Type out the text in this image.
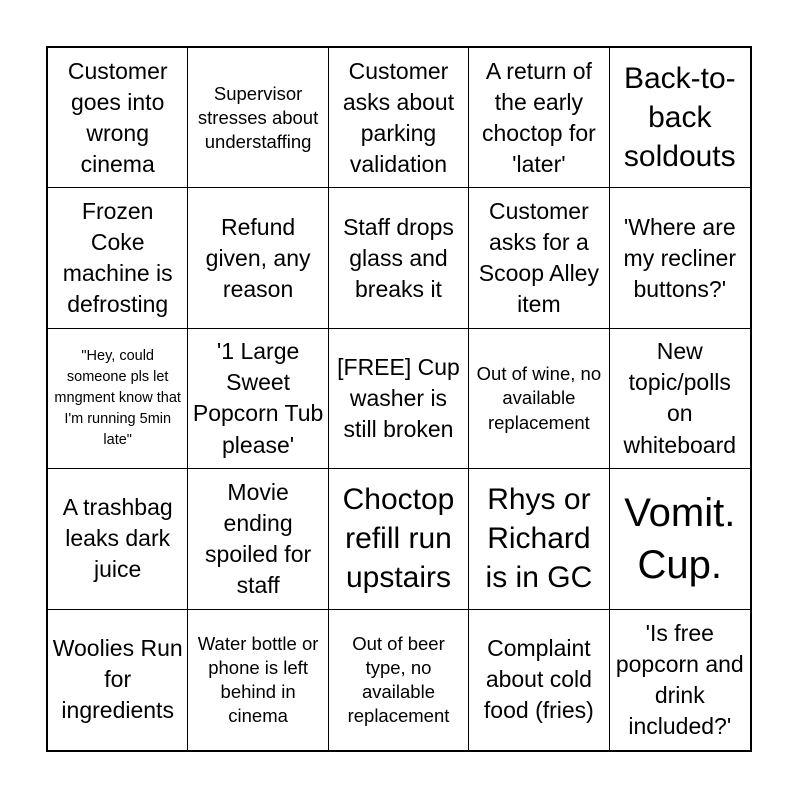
Customer goes into wrong cinema
Supervisor stresses about understaffing
Customer asks about parking validation
A return of the early choctop for 'later'
Back-to-back soldouts
Frozen Coke machine is defrosting
Refund given, any reason
Staff drops glass and breaks it
Customer asks for a Scoop Alley item
'Where are my recliner buttons?'
"Hey, could someone pls let mngment know that I'm running 5min late"
'1 Large Sweet Popcorn Tub please'
[FREE] Cup washer is still broken
Out of wine, no available replacement
New topic/polls on whiteboard
A trashbag leaks dark juice
Movie ending spoiled for staff
Choctop refill run upstairs
Rhys or Richard is in GC
Vomit. Cup.
Woolies Run for ingredients
Water bottle or phone is left behind in cinema
Out of beer type, no available replacement
Complaint about cold food (fries)
'Is free popcorn and drink included?'
